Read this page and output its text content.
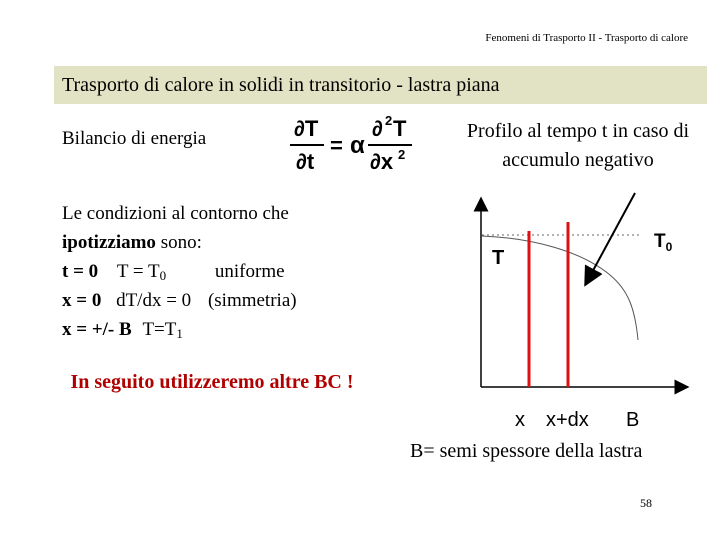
Fenomeni di Trasporto II - Trasporto di calore
Trasporto di calore in solidi in transitorio - lastra piana
Bilancio di energia	∂T
∂t
= α
∂ 2 T
∂x 2
Le condizioni al contorno che
ipotizziamo sono:
t = 0 $T = T_0$	uniforme
x = 0 dT/dx = 0 (simmetria)
x = +/- B $T=T_1$
In seguito utilizzeremo altre BC !
Profilo al tempo t in caso di accumulo negativo
T
$T_0$
x x+dx B
B= semi spessore della lastra
58
